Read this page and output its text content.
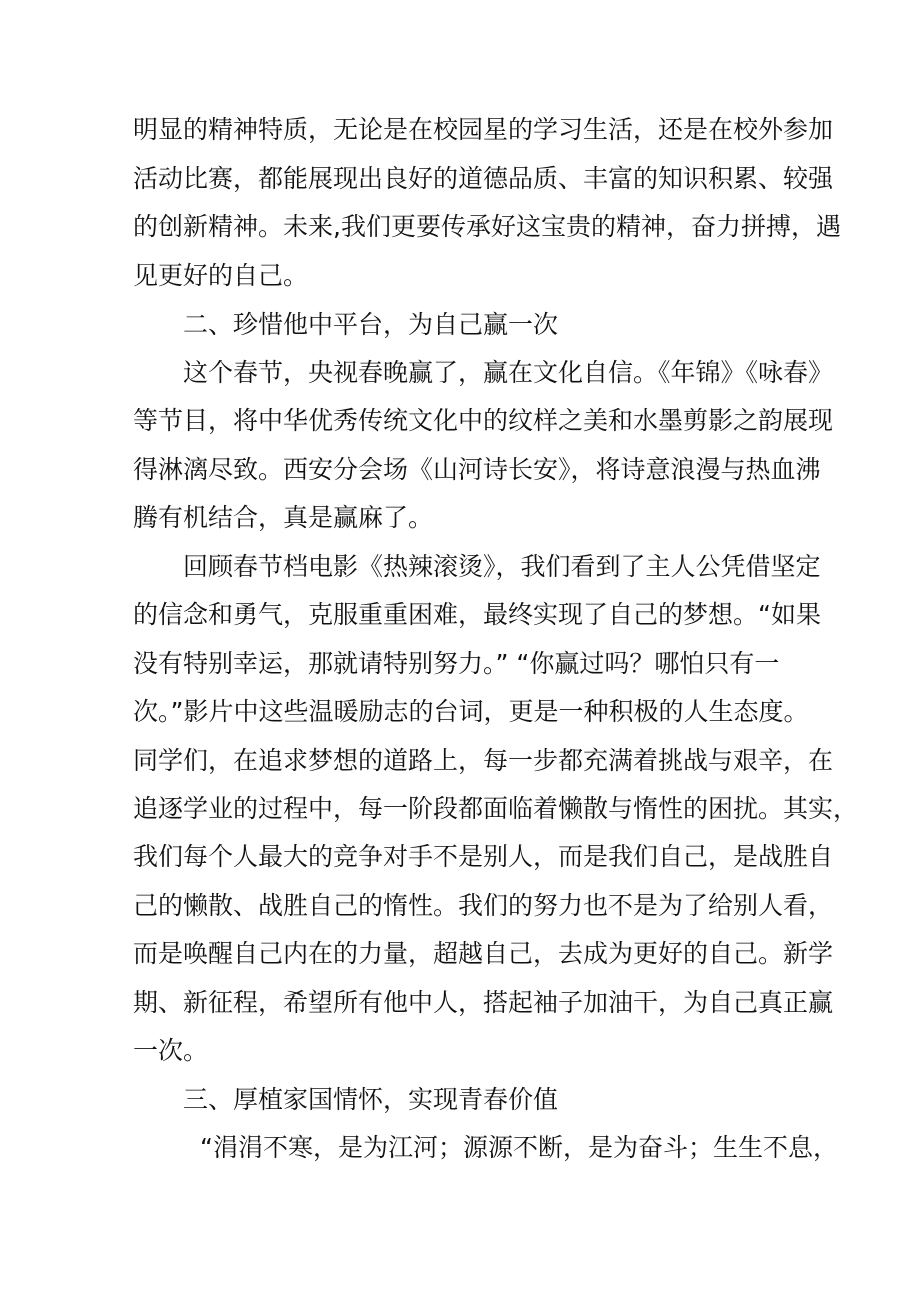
明显的精神特质，无论是在校园星的学习生活，还是在校外参加
活动比赛，都能展现出良好的道德品质、丰富的知识积累、较强
的创新精神。未来,我们更要传承好这宝贵的精神，奋力拼搏，遇
见更好的自己。
二、珍惜他中平台，为自己赢一次
这个春节，央视春晚赢了，赢在文化自信。《年锦》《咏春》
等节目，将中华优秀传统文化中的纹样之美和水墨剪影之韵展现
得淋漓尽致。西安分会场《山河诗长安》，将诗意浪漫与热血沸
腾有机结合，真是赢麻了。
回顾春节档电影《热辣滚烫》，我们看到了主人公凭借坚定
的信念和勇气，克服重重困难，最终实现了自己的梦想。“如果
没有特别幸运，那就请特别努力。” “你赢过吗？哪怕只有一
次。”影片中这些温暖励志的台词，更是一种积极的人生态度。
同学们，在追求梦想的道路上，每一步都充满着挑战与艰辛，在
追逐学业的过程中，每一阶段都面临着懒散与惰性的困扰。其实，
我们每个人最大的竞争对手不是别人，而是我们自己，是战胜自
己的懒散、战胜自己的惰性。我们的努力也不是为了给别人看，
而是唤醒自己内在的力量，超越自己，去成为更好的自己。新学
期、新征程，希望所有他中人，搭起袖子加油干，为自己真正赢
一次。
三、厚植家国情怀，实现青春价值
“涓涓不寒，是为江河；源源不断，是为奋斗；生生不息，
